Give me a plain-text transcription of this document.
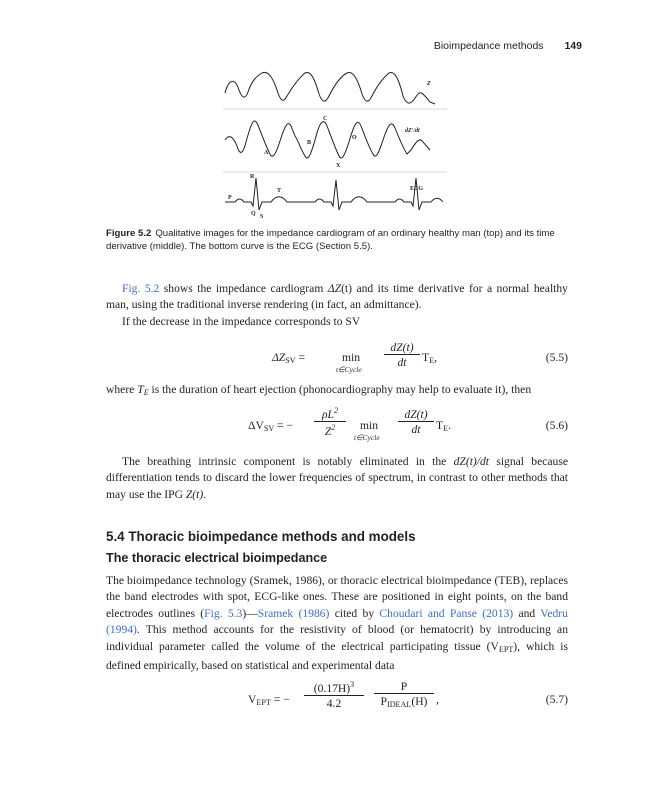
Bioimpedance methods 149
Z
C
B
O
A
X
dZ'/dt
ECG
R
T
P
Q S
Figure 5.2 Qualitative images for the impedance cardiogram of an ordinary healthy man (top) and its time derivative (middle). The bottom curve is the ECG (Section 5.5).
Fig. 5.2 shows the impedance cardiogram ΔZ(t) and its time derivative for a normal healthy man, using the traditional inverse rendering (in fact, an admittance).
If the decrease in the impedance corresponds to SV
$\Delta Z_{SV}$ =	min
t∈Cycle
$\frac{dZ(t)}{dt} T_E$,	(5.5)
where $T_E$ is the duration of heart ejection (phonocardiography may help to evaluate it), then
$\Delta V_{SV}$ = − $\frac{\rho L^2}{Z^2}$ min
t∈Cycle
$\frac{dZ(t)}{dt} T_E$.	(5.6)
The breathing intrinsic component is notably eliminated in the dZ(t)/dt signal because differentiation tends to discard the lower frequencies of spectrum, in contrast to other methods that may use the IPG Z(t).
5.4 Thoracic bioimpedance methods and models
The thoracic electrical bioimpedance
The bioimpedance technology (Sramek, 1986), or thoracic electrical bioimpedance (TEB), replaces the band electrodes with spot, ECG-like ones. These are positioned in eight points, on the band electrodes outlines (Fig. 5.3)—Sramek (1986) cited by Choudari and Panse (2013) and Vedru (1994). This method accounts for the resistivity of blood (or hematocrit) by introducing an individual parameter called the volume of the electrical participating tissue $(V_{EPT})$, which is defined empirically, based on statistical and experimental data
$V_{EPT}$ = − $\frac{(0.17H)^3}{4.2}$	P
$P_{IDEAL}(H)$ ,	(5.7)
